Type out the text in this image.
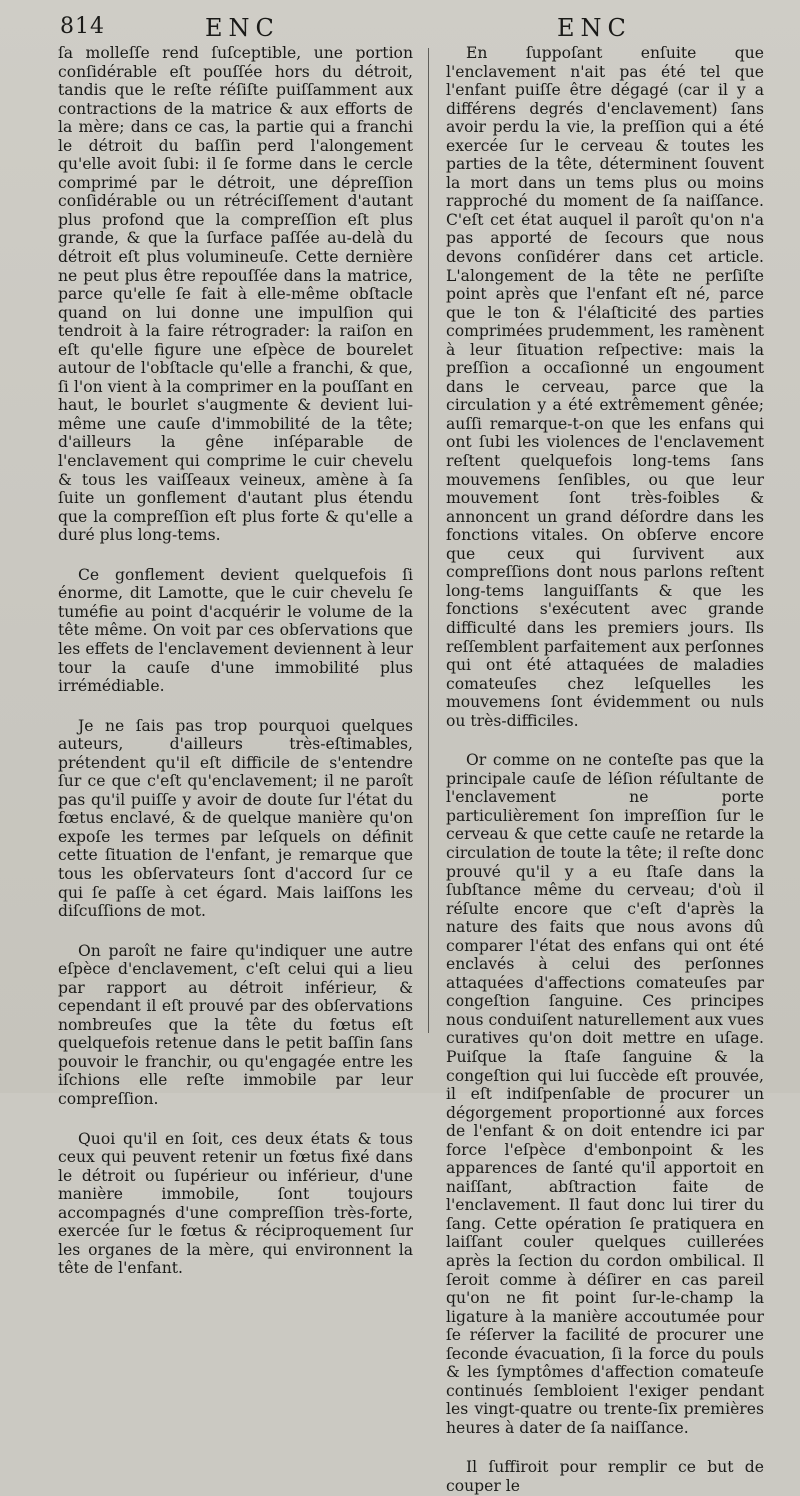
814	ENC	ENC

ſa molleſſe rend ſuſceptible, une portion conſidérable eſt pouſſée hors du détroit, tandis que le reſte réſiſte puiſſamment aux contractions de la matrice & aux efforts de la mère; dans ce cas, la partie qui a franchi le détroit du baſſin perd l'alongement qu'elle avoit ſubi: il ſe forme dans le cercle comprimé par le détroit, une dépreſſion conſidérable ou un rétréciſſement d'autant plus profond que la compreſſion eſt plus grande, & que la ſurface paſſée au-delà du détroit eſt plus volumineuſe. Cette dernière ne peut plus être repouſſée dans la matrice, parce qu'elle ſe fait à elle-même obſtacle quand on lui donne une impulſion qui tendroit à la faire rétrograder: la raiſon en eſt qu'elle figure une eſpèce de bourelet autour de l'obſtacle qu'elle a franchi, & que, ſi l'on vient à la comprimer en la pouſſant en haut, le bourlet s'augmente & devient lui-même une cauſe d'immobilité de la tête; d'ailleurs la gêne inſéparable de l'enclavement qui comprime le cuir chevelu & tous les vaiſſeaux veineux, amène à ſa ſuite un gonflement d'autant plus étendu que la compreſſion eſt plus forte & qu'elle a duré plus long-tems.

Ce gonflement devient quelquefois ſi énorme, dit Lamotte, que le cuir chevelu ſe tuméfie au point d'acquérir le volume de la tête même. On voit par ces obſervations que les effets de l'enclavement deviennent à leur tour la cauſe d'une immobilité plus irrémédiable.

Je ne ſais pas trop pourquoi quelques auteurs, d'ailleurs très-eſtimables, prétendent qu'il eſt difficile de s'entendre ſur ce que c'eſt qu'enclavement; il ne paroît pas qu'il puiſſe y avoir de doute ſur l'état du fœtus enclavé, & de quelque manière qu'on expoſe les termes par leſquels on définit cette ſituation de l'enfant, je remarque que tous les obſervateurs ſont d'accord ſur ce qui ſe paſſe à cet égard. Mais laiſſons les diſcuſſions de mot.

On paroît ne faire qu'indiquer une autre eſpèce d'enclavement, c'eſt celui qui a lieu par rapport au détroit inférieur, & cependant il eſt prouvé par des obſervations nombreuſes que la tête du fœtus eſt quelquefois retenue dans le petit baſſin ſans pouvoir le franchir, ou qu'engagée entre les iſchions elle reſte immobile par leur compreſſion.

Quoi qu'il en ſoit, ces deux états & tous ceux qui peuvent retenir un fœtus fixé dans le détroit ou ſupérieur ou inférieur, d'une manière immobile, ſont toujours accompagnés d'une compreſſion très-forte, exercée ſur le fœtus & réciproquement ſur les organes de la mère, qui environnent la tête de l'enfant.

En ſuppoſant enſuite que l'enclavement n'ait pas été tel que l'enfant puiſſe être dégagé (car il y a différens degrés d'enclavement) ſans avoir perdu la vie, la preſſion qui a été exercée ſur le cerveau & toutes les parties de la tête, déterminent ſouvent la mort dans un tems plus ou moins rapproché du moment de ſa naiſſance. C'eſt cet état auquel il paroît qu'on n'a pas apporté de ſecours que nous devons conſidérer dans cet article. L'alongement de la tête ne perſiſte point après que l'enfant eſt né, parce que le ton & l'élaſticité des parties comprimées prudemment, les ramènent à leur ſituation reſpective: mais la preſſion a occaſionné un engoument dans le cerveau, parce que la circulation y a été extrêmement gênée; auſſi remarque-t-on que les enfans qui ont ſubi les violences de l'enclavement reſtent quelquefois long-tems ſans mouvemens ſenſibles, ou que leur mouvement ſont très-foibles & annoncent un grand déſordre dans les fonctions vitales. On obſerve encore que ceux qui ſurvivent aux compreſſions dont nous parlons reſtent long-tems languiſſants & que les fonctions s'exécutent avec grande difficulté dans les premiers jours. Ils reſſemblent parfaitement aux perſonnes qui ont été attaquées de maladies comateuſes chez leſquelles les mouvemens ſont évidemment ou nuls ou très-difficiles.

Or comme on ne conteſte pas que la principale cauſe de léſion réſultante de l'enclavement ne porte particulièrement ſon impreſſion ſur le cerveau & que cette cauſe ne retarde la circulation de toute la tête; il reſte donc prouvé qu'il y a eu ſtaſe dans la ſubſtance même du cerveau; d'où il réſulte encore que c'eſt d'après la nature des faits que nous avons dû comparer l'état des enfans qui ont été enclavés à celui des perſonnes attaquées d'affections comateuſes par congeſtion ſanguine. Ces principes nous conduiſent naturellement aux vues curatives qu'on doit mettre en uſage. Puiſque la ſtaſe ſanguine & la congeſtion qui lui ſuccède eſt prouvée, il eſt indiſpenſable de procurer un dégorgement proportionné aux forces de l'enfant & on doit entendre ici par force l'eſpèce d'embonpoint & les apparences de ſanté qu'il apportoit en naiſſant, abſtraction faite de l'enclavement. Il faut donc lui tirer du ſang. Cette opération ſe pratiquera en laiſſant couler quelques cuillerées après la ſection du cordon ombilical. Il ſeroit comme à déſirer en cas pareil qu'on ne fit point ſur-le-champ la ligature à la manière accoutumée pour ſe réſerver la facilité de procurer une ſeconde évacuation, ſi la force du pouls & les ſymptômes d'affection comateuſe continués ſembloient l'exiger pendant les vingt-quatre ou trente-ſix premières heures à dater de ſa naiſſance.

Il ſuffiroit pour remplir ce but de couper le
